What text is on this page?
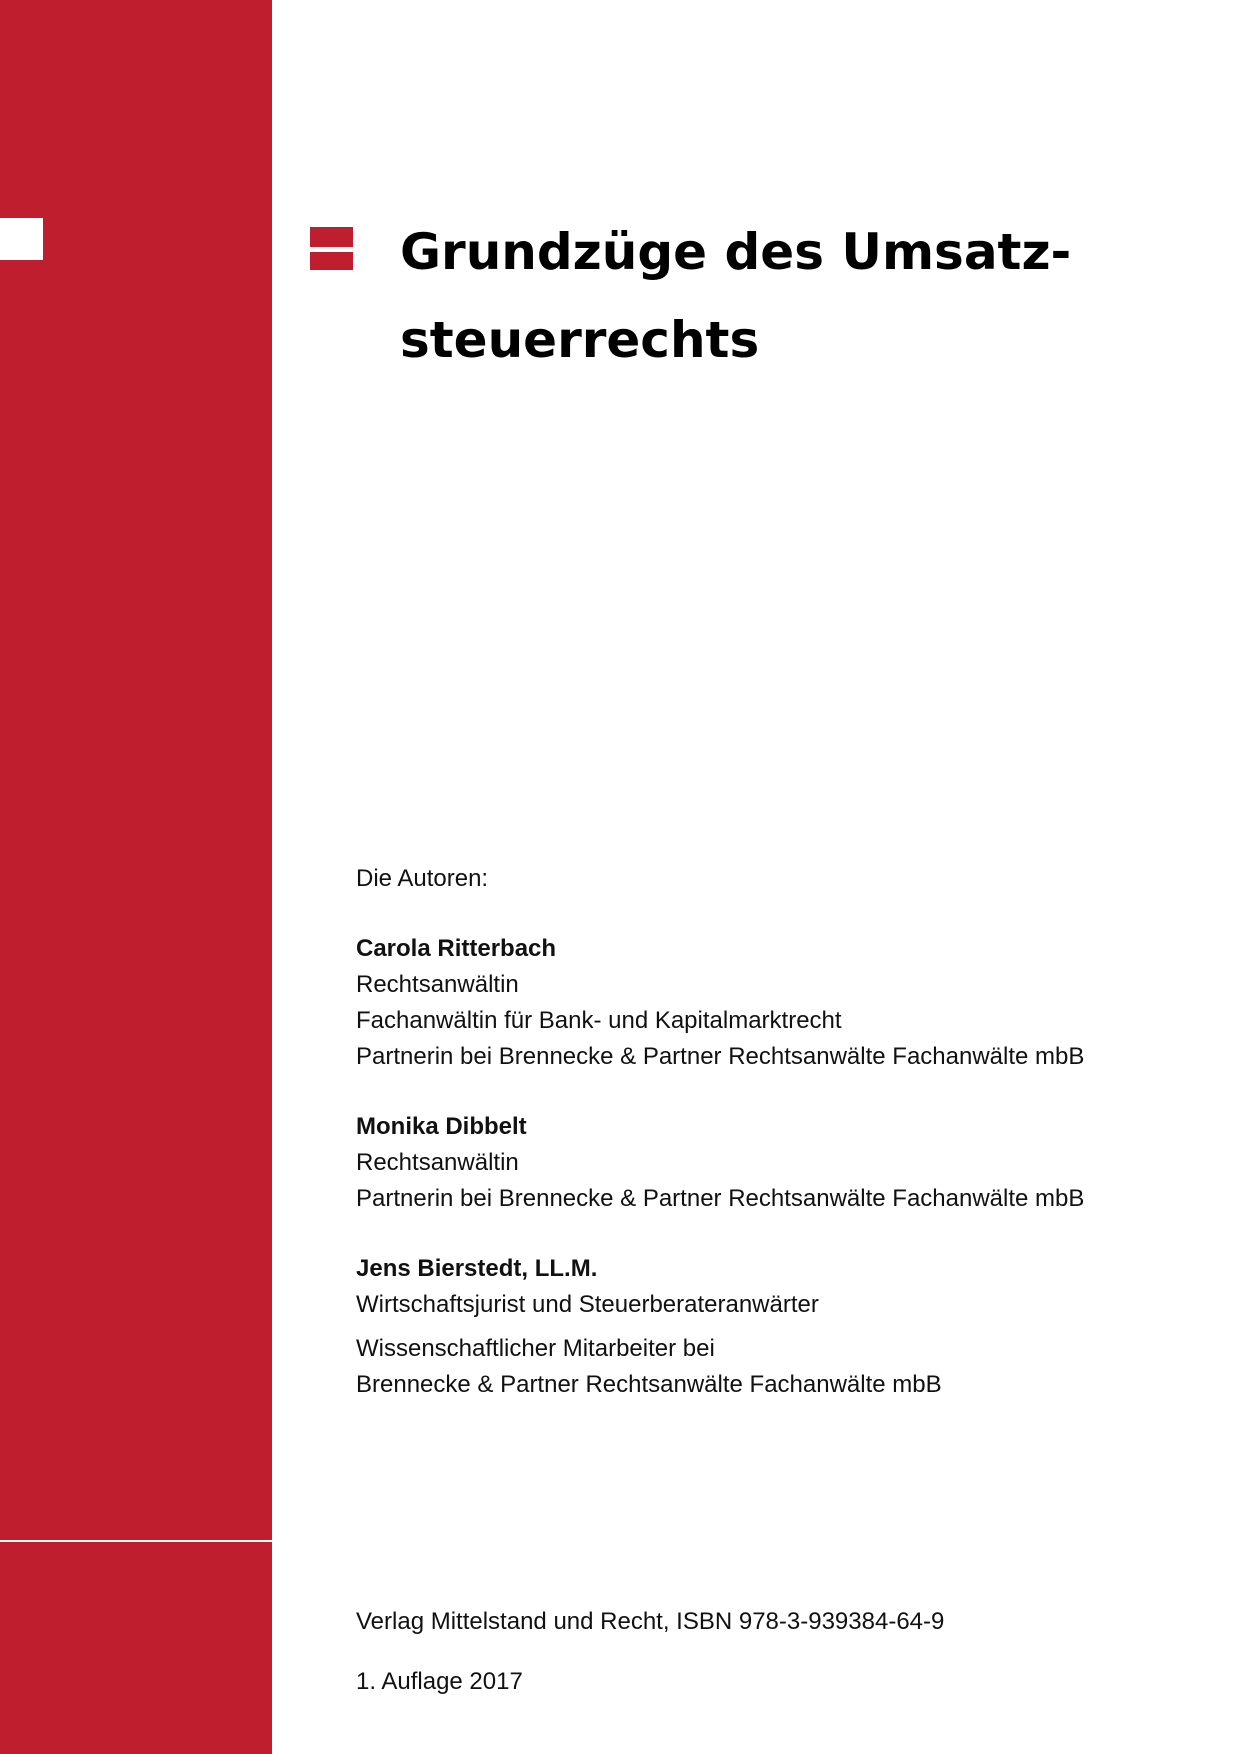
Grundzüge des Umsatz-
steuerrechts

Die Autoren:

Carola Ritterbach
Rechtsanwältin
Fachanwältin für Bank- und Kapitalmarktrecht
Partnerin bei Brennecke & Partner Rechtsanwälte Fachanwälte mbB
Monika Dibbelt
Rechtsanwältin
Partnerin bei Brennecke & Partner Rechtsanwälte Fachanwälte mbB
Jens Bierstedt, LL.M.
Wirtschaftsjurist und Steuerberateranwärter
Wissenschaftlicher Mitarbeiter bei
Brennecke & Partner Rechtsanwälte Fachanwälte mbB
Verlag Mittelstand und Recht, ISBN 978-3-939384-64-9
1. Auflage 2017
